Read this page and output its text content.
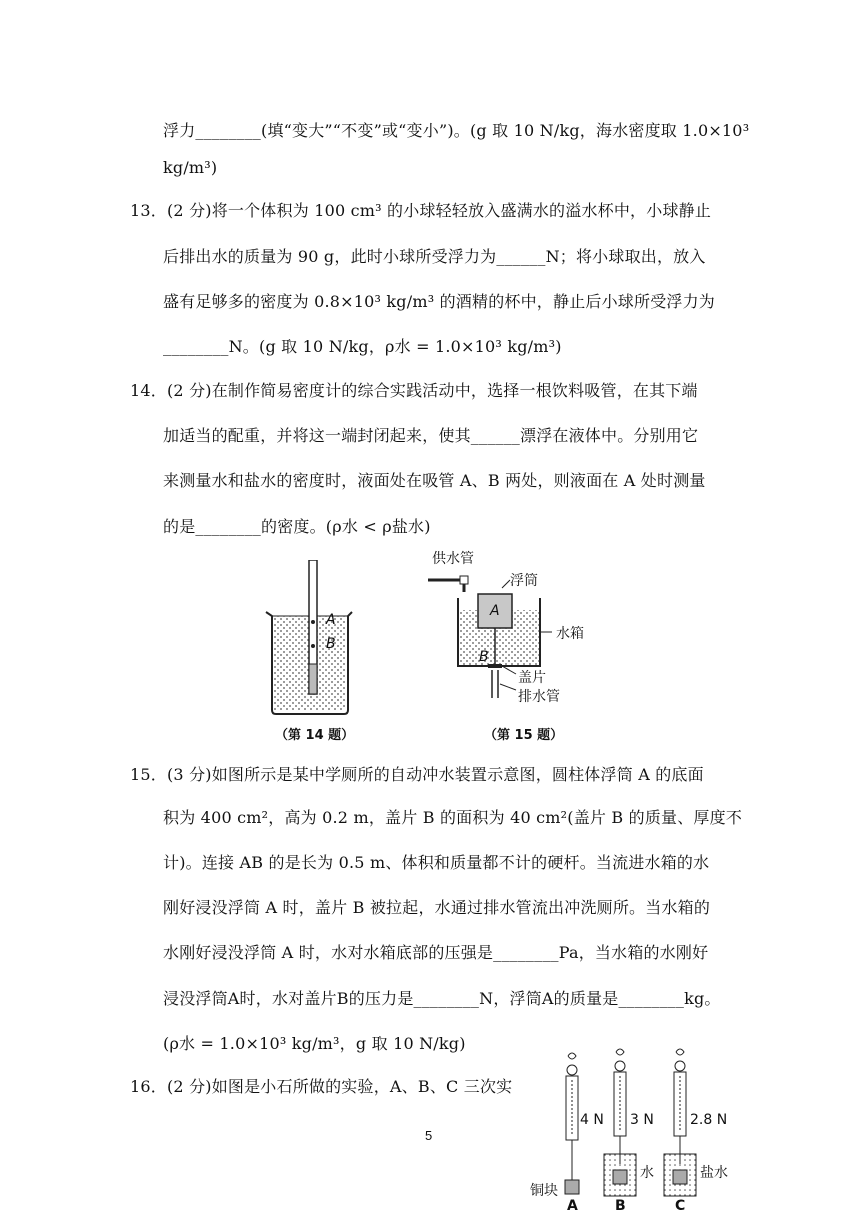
浮力________(填“变大”“不变”或“变小”)。(g 取 10 N/kg，海水密度取 1.0×10³
kg/m³)
13．(2 分)将一个体积为 100 cm³ 的小球轻轻放入盛满水的溢水杯中，小球静止
后排出水的质量为 90 g，此时小球所受浮力为______N；将小球取出，放入
盛有足够多的密度为 0.8×10³ kg/m³ 的酒精的杯中，静止后小球所受浮力为
________N。(g 取 10 N/kg，ρ水 = 1.0×10³ kg/m³)
14．(2 分)在制作简易密度计的综合实践活动中，选择一根饮料吸管，在其下端
加适当的配重，并将这一端封闭起来，使其______漂浮在液体中。分别用它
来测量水和盐水的密度时，液面处在吸管 A、B 两处，则液面在 A 处时测量
的是________的密度。(ρ水 < ρ盐水)
A
B
（第 14 题）
供水管
浮筒
A
水箱
B
盖片
排水管
（第 15 题）
15．(3 分)如图所示是某中学厕所的自动冲水装置示意图，圆柱体浮筒 A 的底面
积为 400 cm²，高为 0.2 m，盖片 B 的面积为 40 cm²(盖片 B 的质量、厚度不
计)。连接 AB 的是长为 0.5 m、体积和质量都不计的硬杆。当流进水箱的水
刚好浸没浮筒 A 时，盖片 B 被拉起，水通过排水管流出冲洗厕所。当水箱的
水刚好浸没浮筒 A 时，水对水箱底部的压强是________Pa，当水箱的水刚好
浸没浮筒A时，水对盖片B的压力是________N，浮筒A的质量是________kg。
(ρ水 = 1.0×10³ kg/m³，g 取 10 N/kg)
16．(2 分)如图是小石所做的实验，A、B、C 三次实
4 N 3 N	2.8 N
铜块
水	盐水
A	B	C
5
